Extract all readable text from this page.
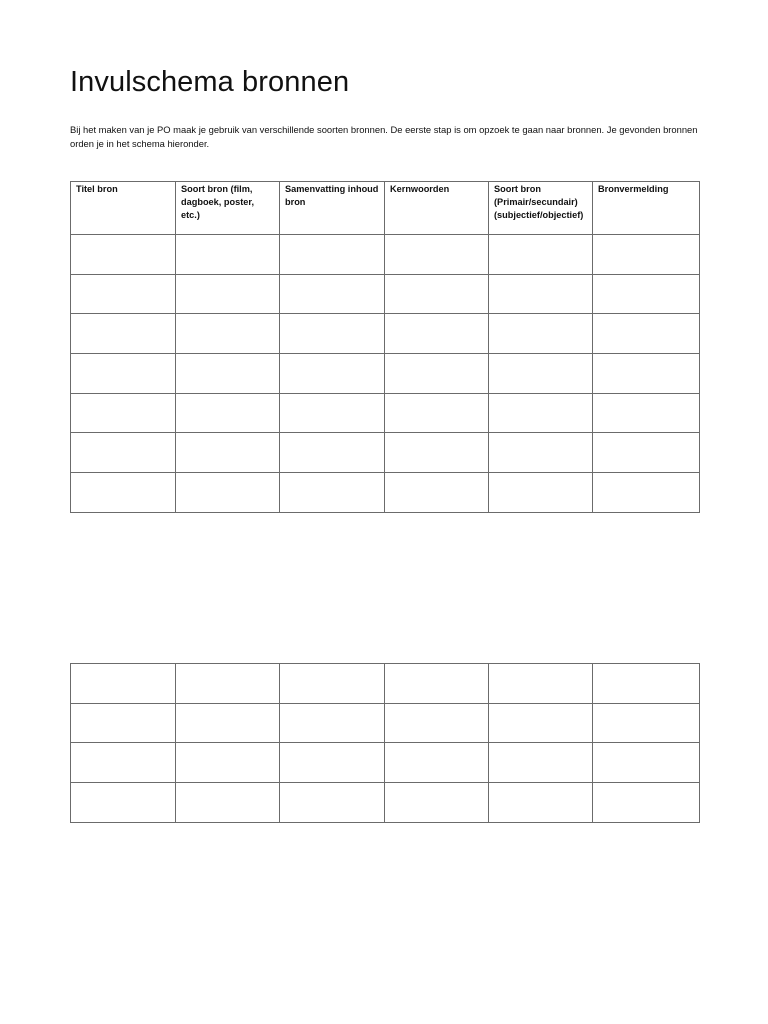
Invulschema bronnen

Bij het maken van je PO maak je gebruik van verschillende soorten bronnen. De eerste stap is om opzoek te gaan naar bronnen. Je gevonden bronnen orden je in het schema hieronder.

Titel bron	Soort bron (film, dagboek, poster, etc.)	Samenvatting inhoud bron	Kernwoorden	Soort bron (Primair/secundair) (subjectief/objectief)	Bronvermelding
